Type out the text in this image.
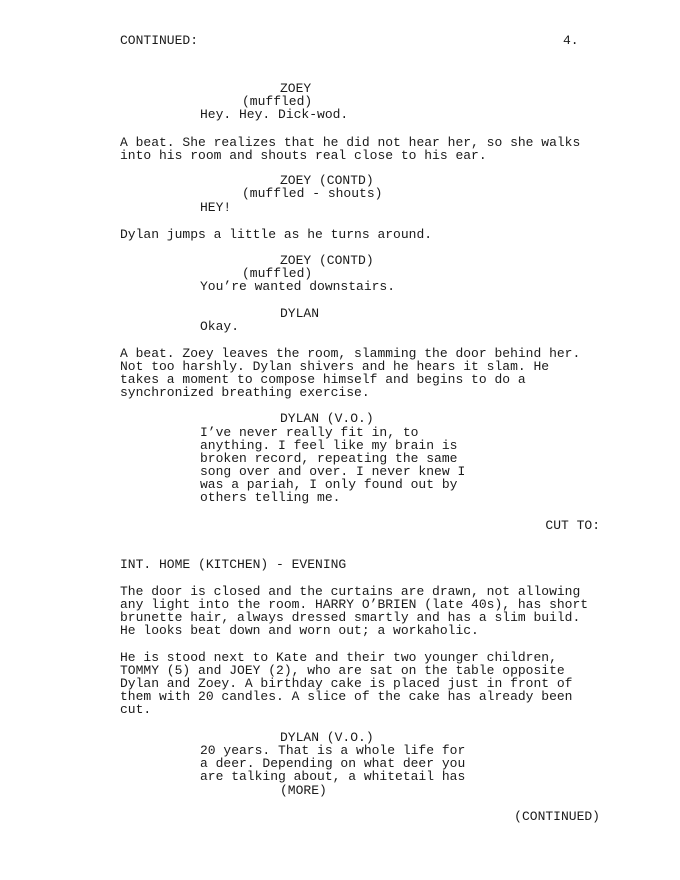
CONTINUED:	4.
ZOEY
(muffled)
Hey. Hey. Dick-wod.
A beat. She realizes that he did not hear her, so she walks
into his room and shouts real close to his ear.
ZOEY (CONTD)
(muffled - shouts)
HEY!
Dylan jumps a little as he turns around.
ZOEY (CONTD)
(muffled)
You’re wanted downstairs.
DYLAN
Okay.
A beat. Zoey leaves the room, slamming the door behind her.
Not too harshly. Dylan shivers and he hears it slam. He
takes a moment to compose himself and begins to do a
synchronized breathing exercise.
DYLAN (V.O.)
I’ve never really fit in, to
anything. I feel like my brain is
broken record, repeating the same
song over and over. I never knew I
was a pariah, I only found out by
others telling me.
CUT TO:
INT. HOME (KITCHEN) - EVENING
The door is closed and the curtains are drawn, not allowing
any light into the room. HARRY O’BRIEN (late 40s), has short
brunette hair, always dressed smartly and has a slim build.
He looks beat down and worn out; a workaholic.
He is stood next to Kate and their two younger children,
TOMMY (5) and JOEY (2), who are sat on the table opposite
Dylan and Zoey. A birthday cake is placed just in front of
them with 20 candles. A slice of the cake has already been
cut.
DYLAN (V.O.)
20 years. That is a whole life for
a deer. Depending on what deer you
are talking about, a whitetail has
(MORE)
(CONTINUED)
